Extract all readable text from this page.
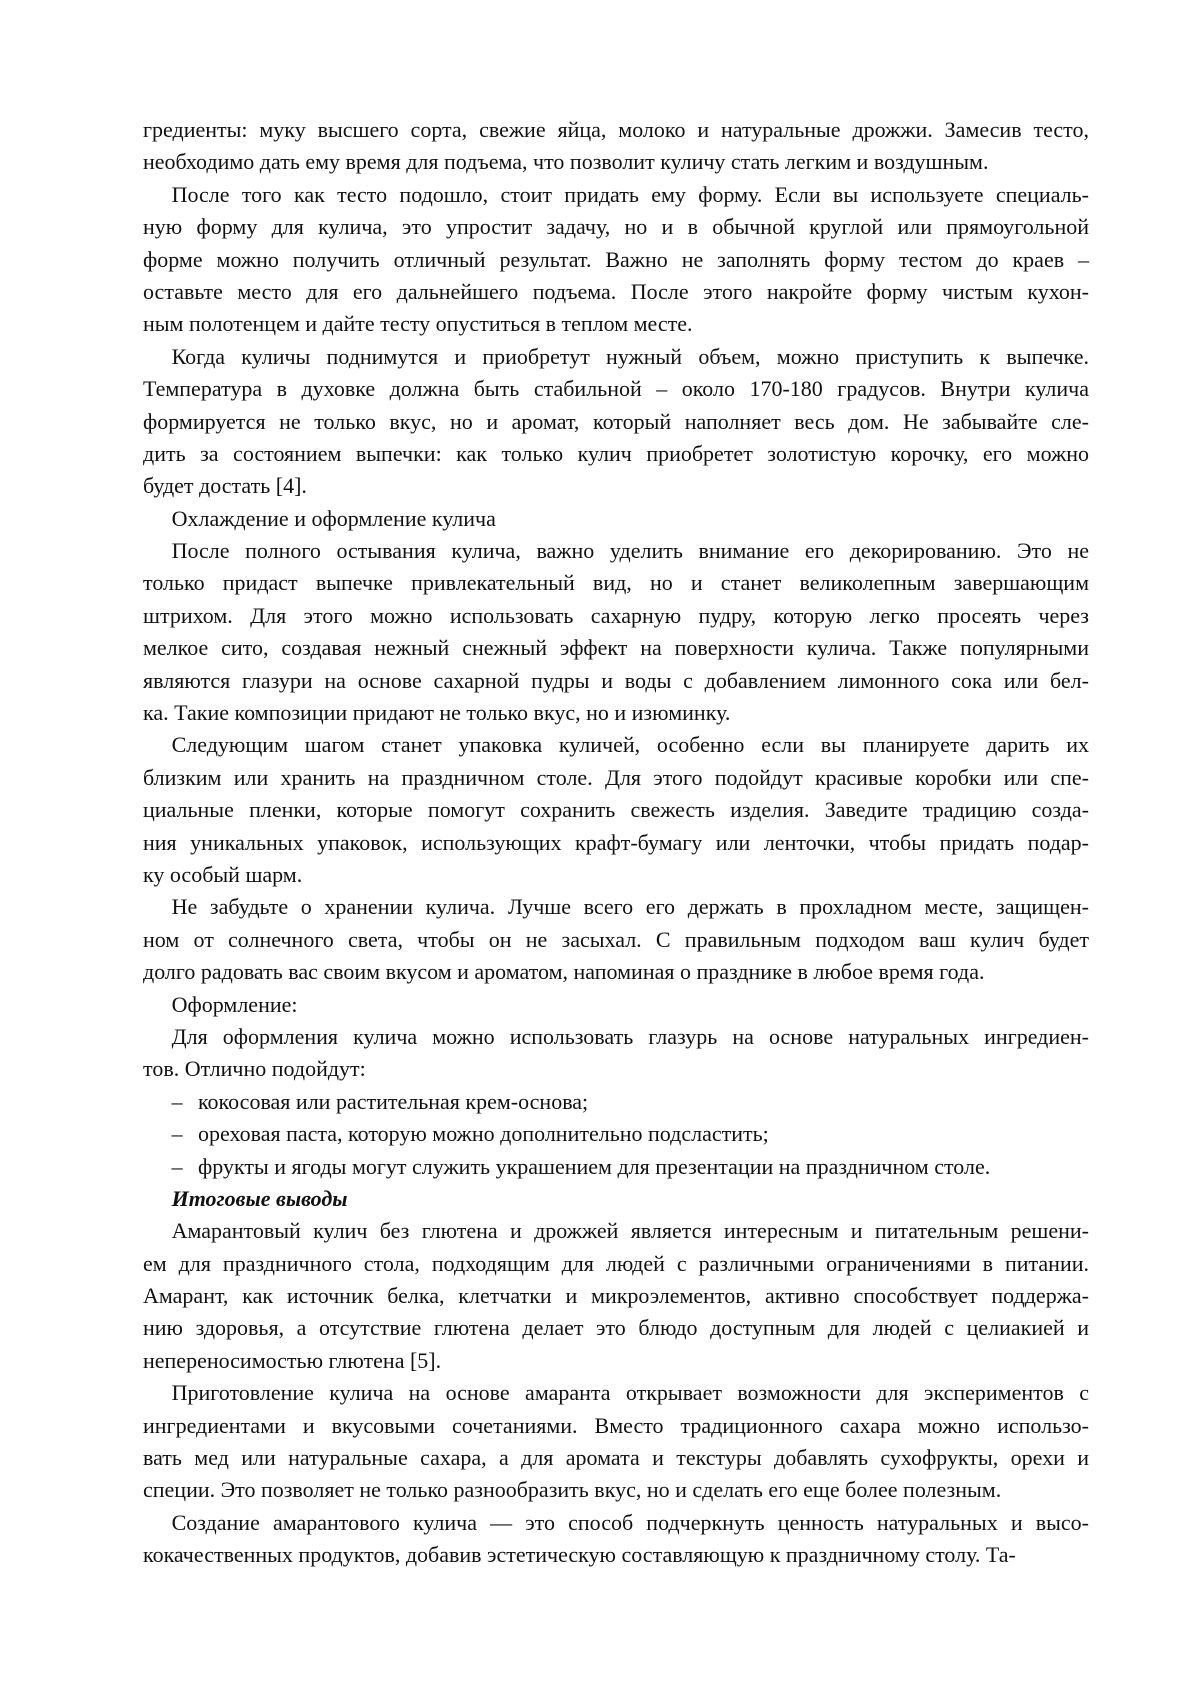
гредиенты: муку высшего сорта, свежие яйца, молоко и натуральные дрожжи. Замесив тесто,
необходимо дать ему время для подъема, что позволит куличу стать легким и воздушным.
После того как тесто подошло, стоит придать ему форму. Если вы используете специаль-
ную форму для кулича, это упростит задачу, но и в обычной круглой или прямоугольной
форме можно получить отличный результат. Важно не заполнять форму тестом до краев –
оставьте место для его дальнейшего подъема. После этого накройте форму чистым кухон-
ным полотенцем и дайте тесту опуститься в теплом месте.
Когда куличы поднимутся и приобретут нужный объем, можно приступить к выпечке.
Температура в духовке должна быть стабильной – около 170-180 градусов. Внутри кулича
формируется не только вкус, но и аромат, который наполняет весь дом. Не забывайте сле-
дить за состоянием выпечки: как только кулич приобретет золотистую корочку, его можно
будет достать [4].
Охлаждение и оформление кулича
После полного остывания кулича, важно уделить внимание его декорированию. Это не
только придаст выпечке привлекательный вид, но и станет великолепным завершающим
штрихом. Для этого можно использовать сахарную пудру, которую легко просеять через
мелкое сито, создавая нежный снежный эффект на поверхности кулича. Также популярными
являются глазури на основе сахарной пудры и воды с добавлением лимонного сока или бел-
ка. Такие композиции придают не только вкус, но и изюминку.
Следующим шагом станет упаковка куличей, особенно если вы планируете дарить их
близким или хранить на праздничном столе. Для этого подойдут красивые коробки или спе-
циальные пленки, которые помогут сохранить свежесть изделия. Заведите традицию созда-
ния уникальных упаковок, использующих крафт-бумагу или ленточки, чтобы придать подар-
ку особый шарм.
Не забудьте о хранении кулича. Лучше всего его держать в прохладном месте, защищен-
ном от солнечного света, чтобы он не засыхал. С правильным подходом ваш кулич будет
долго радовать вас своим вкусом и ароматом, напоминая о празднике в любое время года.
Оформление:
Для оформления кулича можно использовать глазурь на основе натуральных ингредиен-
тов. Отлично подойдут:
– кокосовая или растительная крем-основа;
– ореховая паста, которую можно дополнительно подсластить;
– фрукты и ягоды могут служить украшением для презентации на праздничном столе.
Итоговые выводы
Амарантовый кулич без глютена и дрожжей является интересным и питательным решени-
ем для праздничного стола, подходящим для людей с различными ограничениями в питании.
Амарант, как источник белка, клетчатки и микроэлементов, активно способствует поддержа-
нию здоровья, а отсутствие глютена делает это блюдо доступным для людей с целиакией и
непереносимостью глютена [5].
Приготовление кулича на основе амаранта открывает возможности для экспериментов с
ингредиентами и вкусовыми сочетаниями. Вместо традиционного сахара можно использо-
вать мед или натуральные сахара, а для аромата и текстуры добавлять сухофрукты, орехи и
специи. Это позволяет не только разнообразить вкус, но и сделать его еще более полезным.
Создание амарантового кулича — это способ подчеркнуть ценность натуральных и высо-
кокачественных продуктов, добавив эстетическую составляющую к праздничному столу. Та-
